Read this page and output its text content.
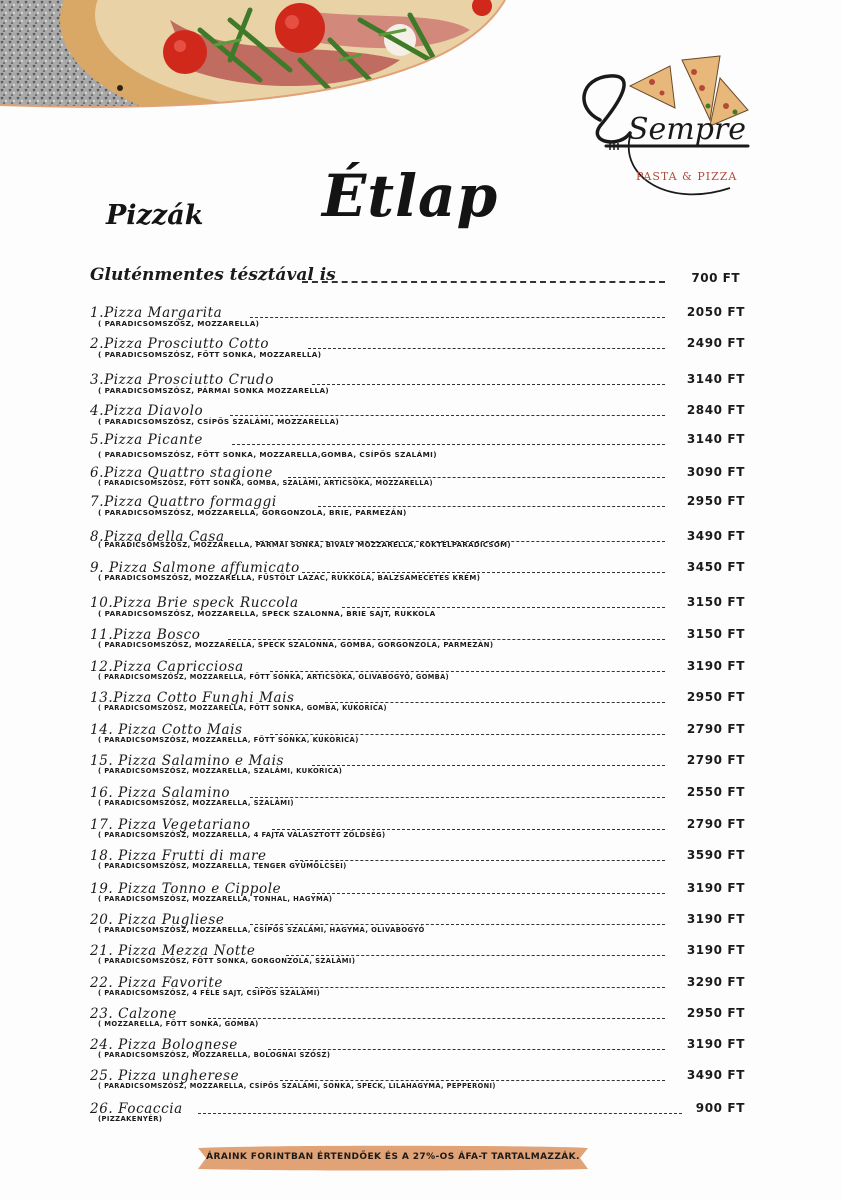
Sempre
PASTA & PIZZA
Étlap
Pizzák
Gluténmentes tésztával is	700 FT
1.Pizza Margarita	2050 FT
( PARADICSOMSZÓSZ, MOZZARELLA)
2.Pizza Prosciutto Cotto	2490 FT
( PARADICSOMSZÓSZ, FŐTT SONKA, MOZZARELLA)
3.Pizza Prosciutto Crudo	3140 FT
( PARADICSOMSZÓSZ, PÁRMAI SONKA MOZZARELLA)
4.Pizza Diavolo	2840 FT
( PARADICSOMSZÓSZ, CSÍPŐS SZALÁMI, MOZZARELLA)
5.Pizza Picante	3140 FT
( PARADICSOMSZÓSZ, FŐTT SONKA, MOZZARELLA,GOMBA, CSÍPŐS SZALÁMI)
6.Pizza Quattro stagione	3090 FT
( PARADICSOMSZÓSZ, FŐTT SONKA, GOMBA, SZALÁMI, ARTICSÓKA, MOZZARELLA)
7.Pizza Quattro formaggi	2950 FT
( PARADICSOMSZÓSZ, MOZZARELLA, GORGONZOLA, BRIE, PARMEZÁN)
8.Pizza della Casa	3490 FT
( PARADICSOMSZÓSZ, MOZZARELLA, PÁRMAI SONKA, BIVALY MOZZARELLA, KOKTÉLPARADICSOM)
9. Pizza Salmone affumicato	3450 FT
( PARADICSOMSZÓSZ, MOZZARELLA, FÜSTÖLT LAZAC, RUKKOLA, BALZSAMECETES KRÉM)
10.Pizza Brie speck Ruccola	3150 FT
( PARADICSOMSZÓSZ, MOZZARELLA, SPECK SZALONNA, BRIE SAJT, RUKKOLA
11.Pizza Bosco	3150 FT
( PARADICSOMSZÓSZ, MOZZARELLA, SPECK SZALONNA, GOMBA, GORGONZOLA, PARMEZÁN)
12.Pizza Capricciosa	3190 FT
( PARADICSOMSZÓSZ, MOZZARELLA, FŐTT SONKA, ARTICSÓKA, OLIVABOGYÓ, GOMBA)
13.Pizza Cotto Funghi Mais	2950 FT
( PARADICSOMSZÓSZ, MOZZARELLA, FŐTT SONKA, GOMBA, KUKORICA)
14. Pizza Cotto Mais	2790 FT
( PARADICSOMSZÓSZ, MOZZARELLA, FŐTT SONKA, KUKORICA)
15. Pizza Salamino e Mais	2790 FT
( PARADICSOMSZÓSZ, MOZZARELLA, SZALÁMI, KUKORICA)
16. Pizza Salamino	2550 FT
( PARADICSOMSZÓSZ, MOZZARELLA, SZALÁMI)
17. Pizza Vegetariano	2790 FT
( PARADICSOMSZÓSZ, MOZZARELLA, 4 FAJTA VÁLASZTOTT ZÖLDSÉG)
18. Pizza Frutti di mare	3590 FT
( PARADICSOMSZÓSZ, MOZZARELLA, TENGER GYÜMÖLCSEI)
19. Pizza Tonno e Cippole	3190 FT
( PARADICSOMSZÓSZ, MOZZARELLA, TONHAL, HAGYMA)
20. Pizza Pugliese	3190 FT
( PARADICSOMSZÓSZ, MOZZARELLA, CSÍPŐS SZALÁMI, HAGYMA, OLIVABOGYÓ
21. Pizza Mezza Notte	3190 FT
( PARADICSOMSZÓSZ, FŐTT SONKA, GORGONZOLA, SZALÁMI)
22. Pizza Favorite	3290 FT
( PARADICSOMSZÓSZ, 4 FÉLE SAJT, CSÍPŐS SZALÁMI)
23. Calzone	2950 FT
( MOZZARELLA, FŐTT SONKA, GOMBA)
24. Pizza Bolognese	3190 FT
( PARADICSOMSZÓSZ, MOZZARELLA, BOLOGNAI SZÓSZ)
25. Pizza ungherese	3490 FT
( PARADICSOMSZÓSZ, MOZZARELLA, CSÍPŐS SZALÁMI, SONKA, SPECK, LILAHAGYMA, PEPPERONI)
26. Focaccia	900 FT
(PIZZAKENYÉR)
ÁRAINK FORINTBAN ÉRTENDŐEK ÉS A 27%-OS ÁFA-T TARTALMAZZÁK.
